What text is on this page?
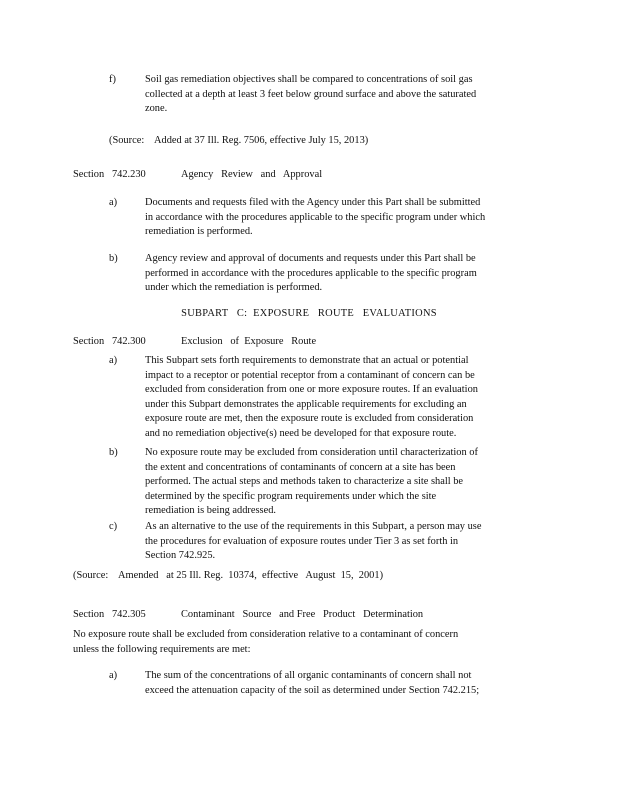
f)	Soil gas remediation objectives shall be compared to concentrations of soil gas
collected at a depth at least 3 feet below ground surface and above the saturated
zone.
(Source:    Added at 37 Ill. Reg. 7506, effective July 15, 2013)
Section   742.230	Agency   Review   and   Approval
a)	Documents and requests filed with the Agency under this Part shall be submitted
in accordance with the procedures applicable to the specific program under which
remediation is performed.
b)	Agency review and approval of documents and requests under this Part shall be
performed in accordance with the procedures applicable to the specific program
under which the remediation is performed.
SUBPART   C:  EXPOSURE   ROUTE   EVALUATIONS
Section   742.300	Exclusion   of  Exposure   Route
a)	This Subpart sets forth requirements to demonstrate that an actual or potential
impact to a receptor or potential receptor from a contaminant of concern can be
excluded from consideration from one or more exposure routes. If an evaluation
under this Subpart demonstrates the applicable requirements for excluding an
exposure route are met, then the exposure route is excluded from consideration
and no remediation objective(s) need be developed for that exposure route.
b)	No exposure route may be excluded from consideration until characterization of
the extent and concentrations of contaminants of concern at a site has been
performed. The actual steps and methods taken to characterize a site shall be
determined by the specific program requirements under which the site
remediation is being addressed.
c)	As an alternative to the use of the requirements in this Subpart, a person may use
the procedures for evaluation of exposure routes under Tier 3 as set forth in
Section 742.925.
(Source:    Amended   at 25 Ill. Reg.  10374,  effective   August  15,  2001)
Section   742.305	Contaminant   Source   and Free   Product   Determination
No exposure route shall be excluded from consideration relative to a contaminant of concern
unless the following requirements are met:
a)	The sum of the concentrations of all organic contaminants of concern shall not
exceed the attenuation capacity of the soil as determined under Section 742.215;
